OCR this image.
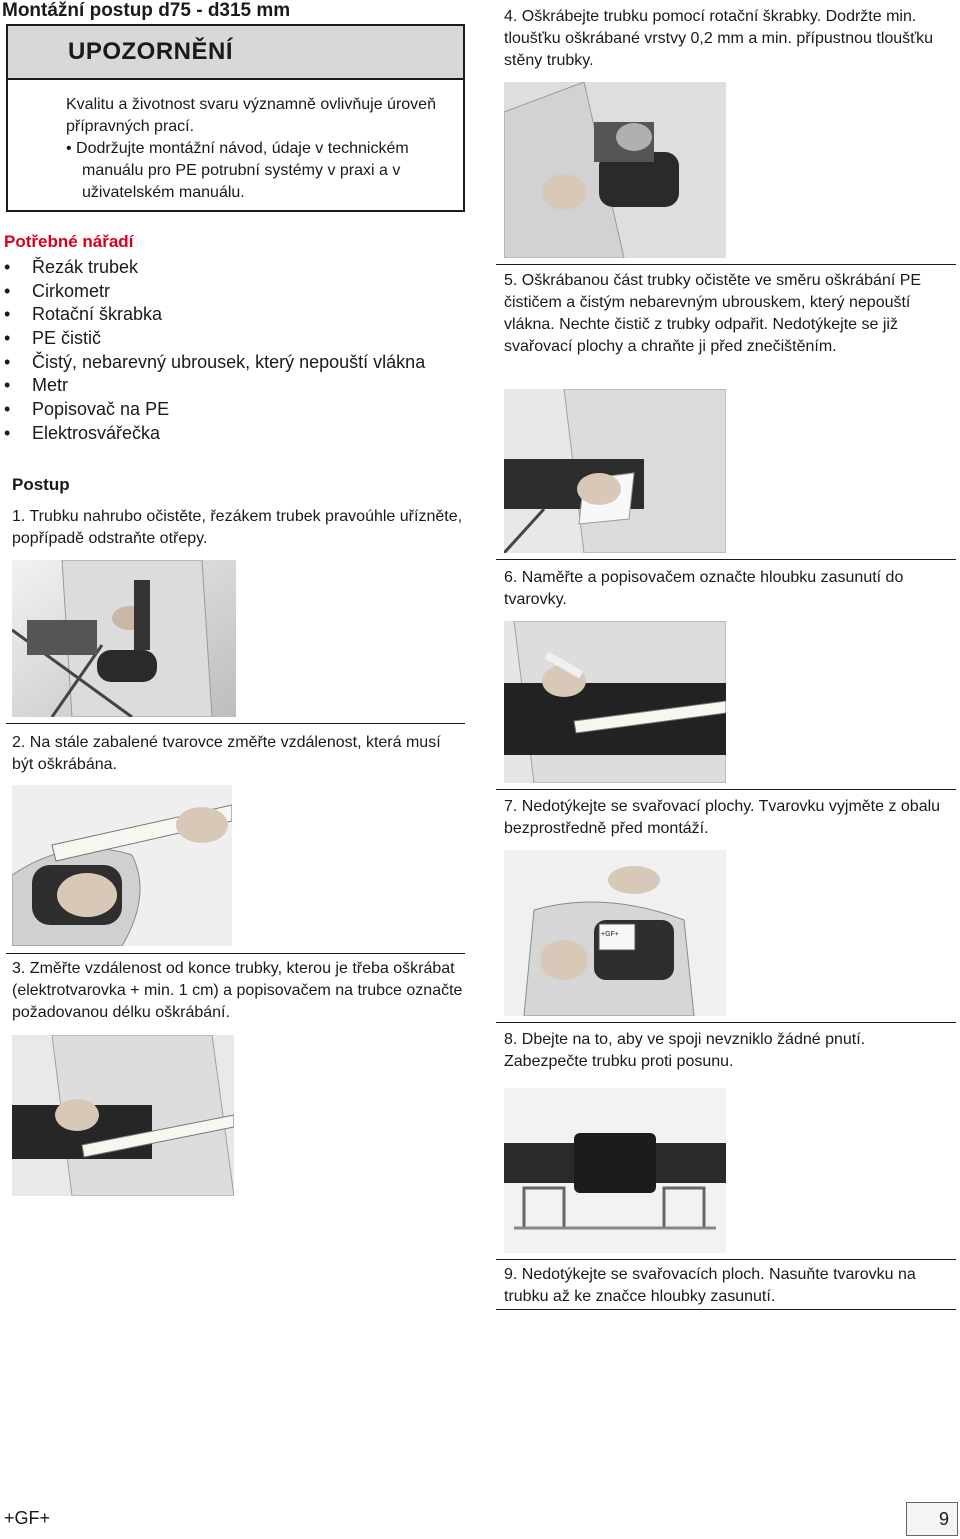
Montážní postup d75 - d315 mm
UPOZORNĚNÍ
Kvalitu a životnost svaru významně ovlivňuje úroveň přípravných prací.
• Dodržujte montážní návod, údaje v technickém manuálu pro PE potrubní systémy v praxi a v uživatelském manuálu.
Potřebné nářadí
• Řezák trubek
• Cirkometr
• Rotační škrabka
• PE čistič
• Čistý, nebarevný ubrousek, který nepouští vlákna
• Metr
• Popisovač na PE
• Elektrosvářečka
Postup
1. Trubku nahrubo očistěte, řezákem trubek pravoúhle uřízněte, popřípadě odstraňte otřepy.
2. Na stále zabalené tvarovce změřte vzdálenost, která musí být oškrábána.
3. Změřte vzdálenost od konce trubky, kterou je třeba oškrábat (elektrotvarovka + min. 1 cm) a popisovačem na trubce označte požadovanou délku oškrábání.
4. Oškrábejte trubku pomocí rotační škrabky. Dodržte min. tloušťku oškrábané vrstvy 0,2 mm a min. přípustnou tloušťku stěny trubky.
5. Oškrábanou část trubky očistěte ve směru oškrábání PE čističem a čistým nebarevným ubrouskem, který nepouští vlákna. Nechte čistič z trubky odpařit. Nedotýkejte se již svařovací plochy a chraňte ji před znečištěním.
6. Naměřte a popisovačem označte hloubku zasunutí do tvarovky.
7. Nedotýkejte se svařovací plochy. Tvarovku vyjměte z obalu bezprostředně před montáží.
+GF+
8. Dbejte na to, aby ve spoji nevzniklo žádné pnutí. Zabezpečte trubku proti posunu.
9. Nedotýkejte se svařovacích ploch. Nasuňte tvarovku na trubku až ke značce hloubky zasunutí.
+GF+	9
